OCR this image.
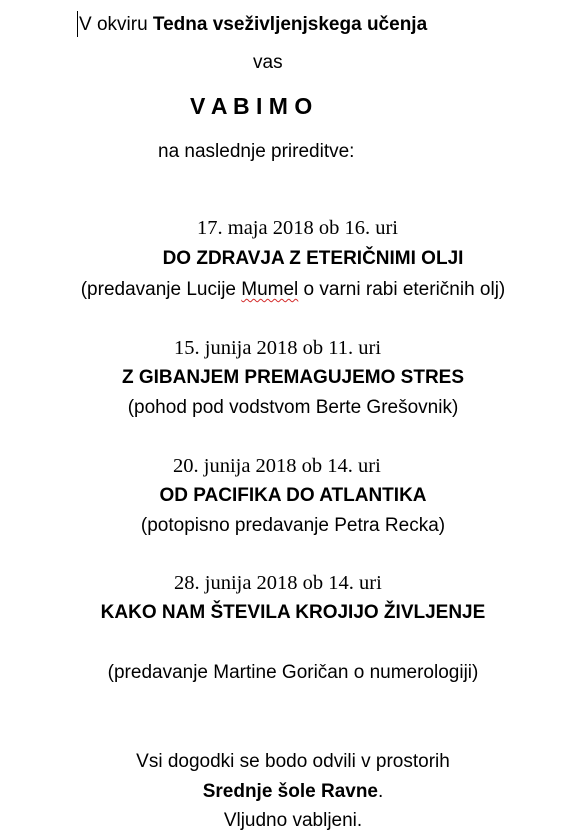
V okviru Tedna vseživljenjskega učenja
vas
V A B I M O
na naslednje prireditve:
17. maja 2018 ob 16. uri
DO ZDRAVJA Z ETERIČNIMI OLJI
(predavanje Lucije Mumel o varni rabi eteričnih olj)
15. junija 2018 ob 11. uri
Z GIBANJEM PREMAGUJEMO STRES
(pohod pod vodstvom Berte Grešovnik)
20. junija 2018 ob 14. uri
OD PACIFIKA DO ATLANTIKA
(potopisno predavanje Petra Recka)
28. junija 2018 ob 14. uri
KAKO NAM ŠTEVILA KROJIJO ŽIVLJENJE
(predavanje Martine Goričan o numerologiji)
Vsi dogodki se bodo odvili v prostorih
Srednje šole Ravne.
Vljudno vabljeni.
